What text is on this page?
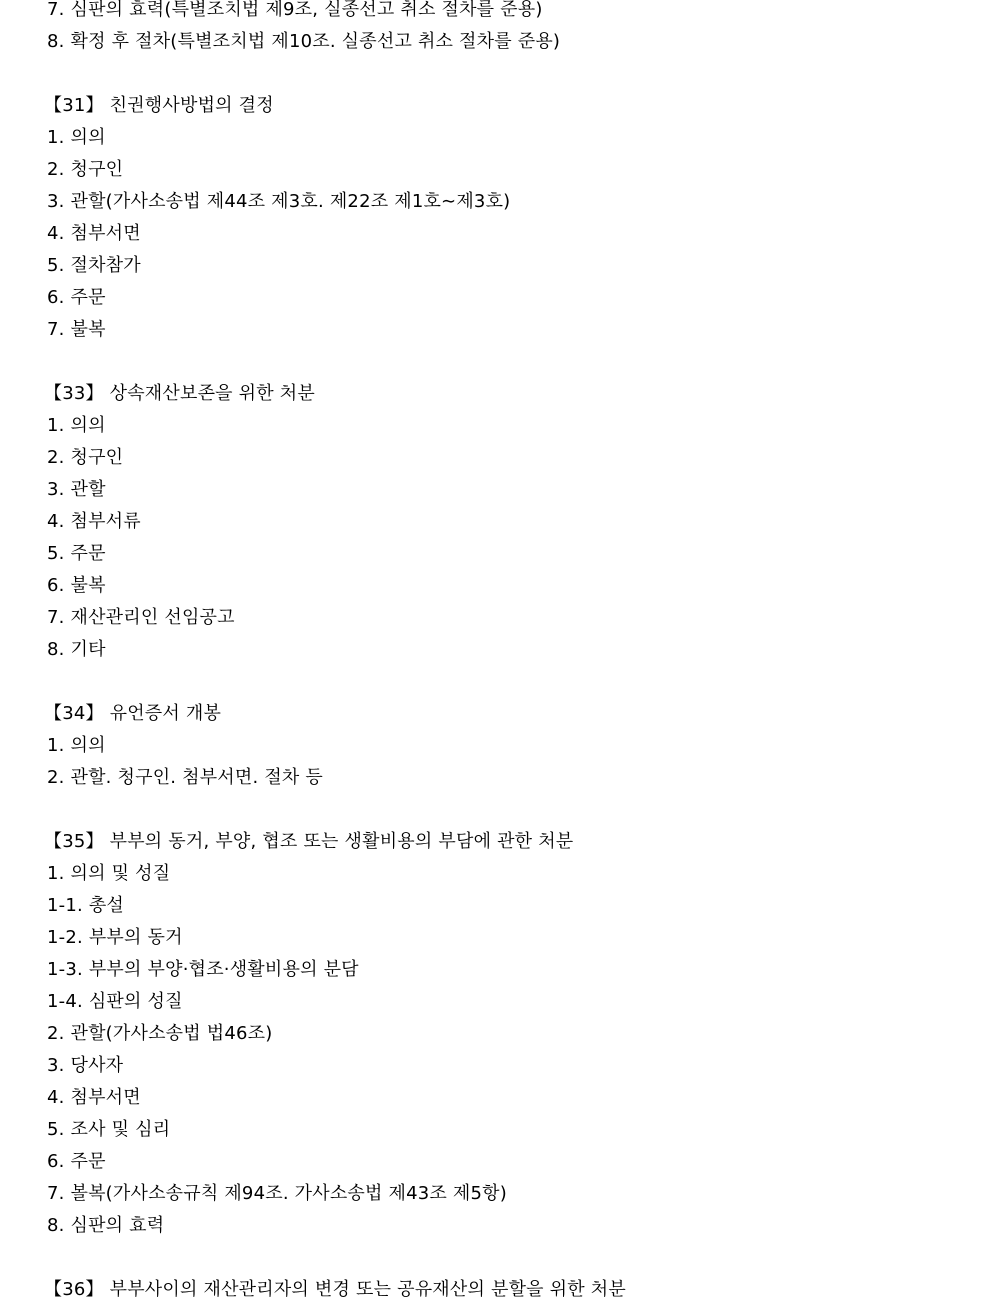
7. 심판의 효력(특별조치법 제9조, 실종선고 취소 절차를 준용)
8. 확정 후 절차(특별조치법 제10조. 실종선고 취소 절차를 준용)
【31】 친권행사방법의 결정
1. 의의
2. 청구인
3. 관할(가사소송법 제44조 제3호. 제22조 제1호∼제3호)
4. 첨부서면
5. 절차참가
6. 주문
7. 불복
【33】 상속재산보존을 위한 처분
1. 의의
2. 청구인
3. 관할
4. 첨부서류
5. 주문
6. 불복
7. 재산관리인 선임공고
8. 기타
【34】 유언증서 개봉
1. 의의
2. 관할. 청구인. 첨부서면. 절차 등
【35】 부부의 동거, 부양, 협조 또는 생활비용의 부담에 관한 처분
1. 의의 및 성질
1-1. 총설
1-2. 부부의 동거
1-3. 부부의 부양·협조·생활비용의 분담
1-4. 심판의 성질
2. 관할(가사소송법 법46조)
3. 당사자
4. 첨부서면
5. 조사 및 심리
6. 주문
7. 볼복(가사소송규칙 제94조. 가사소송법 제43조 제5항)
8. 심판의 효력
【36】 부부사이의 재산관리자의 변경 또는 공유재산의 분할을 위한 처분
